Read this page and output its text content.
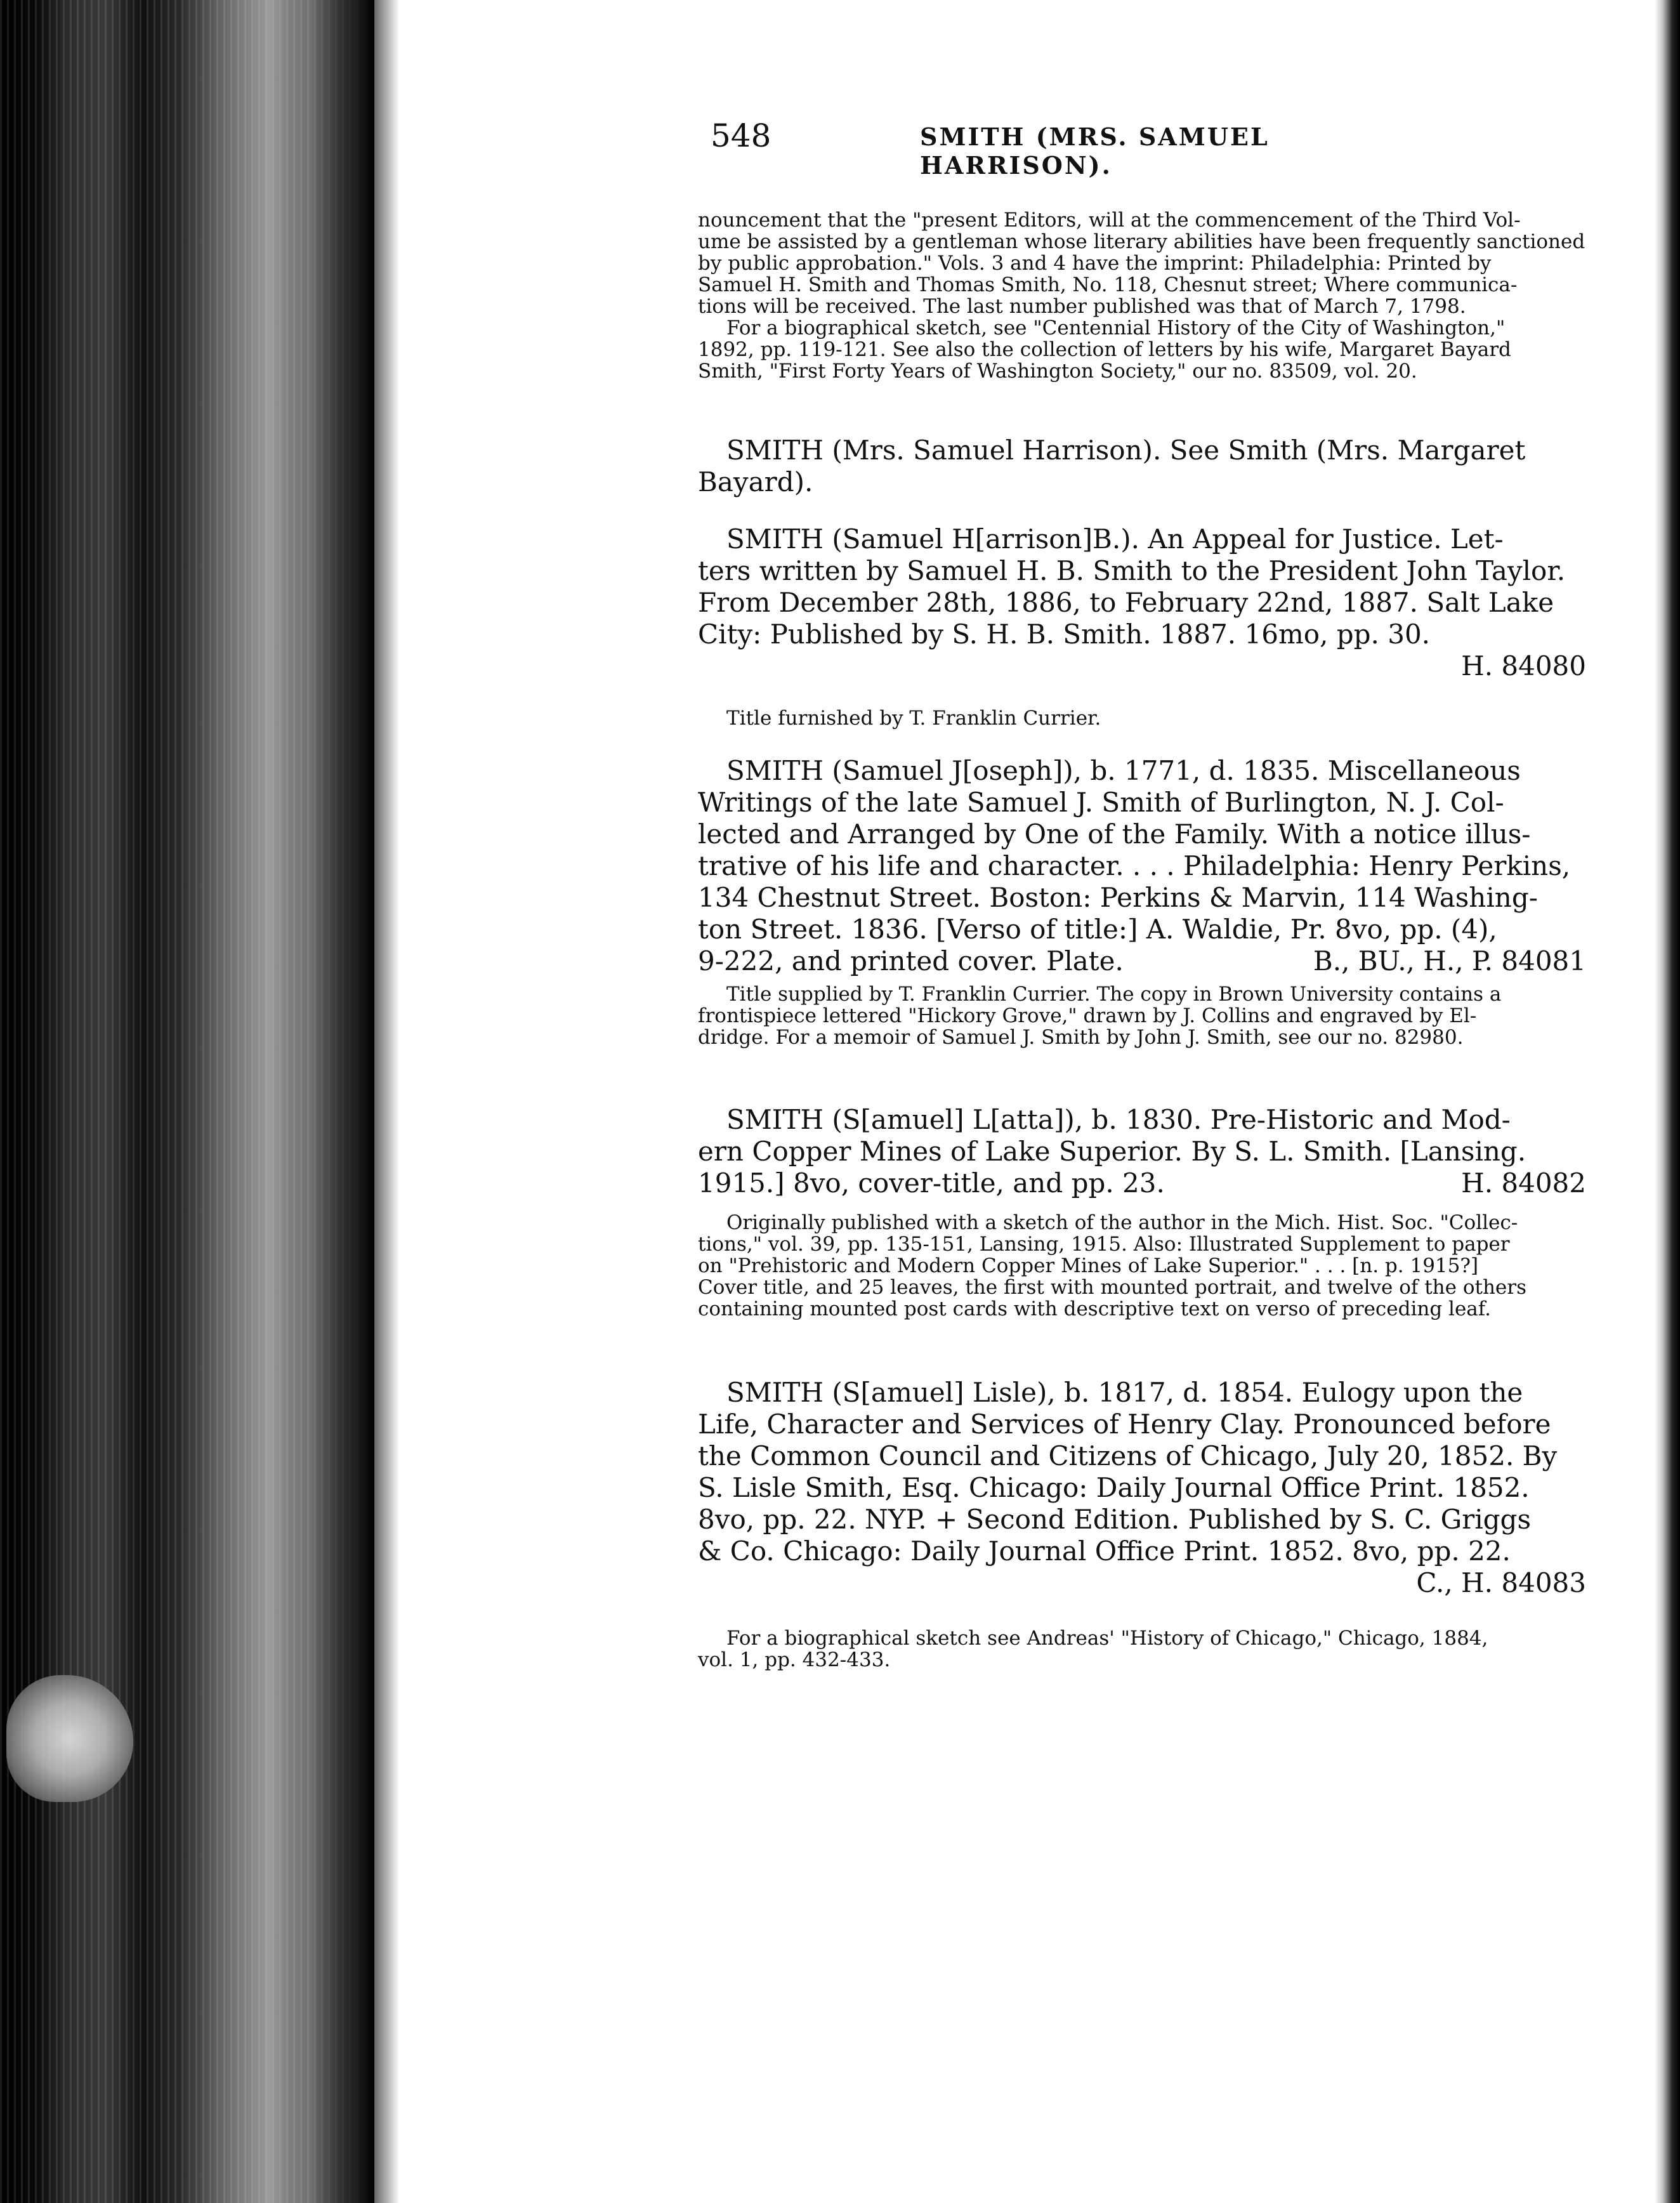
548	SMITH (MRS. SAMUEL HARRISON).
nouncement that the "present Editors, will at the commencement of the Third Vol-
ume be assisted by a gentleman whose literary abilities have been frequently sanctioned
by public approbation." Vols. 3 and 4 have the imprint: Philadelphia: Printed by
Samuel H. Smith and Thomas Smith, No. 118, Chesnut street; Where communica-
tions will be received. The last number published was that of March 7, 1798.
For a biographical sketch, see "Centennial History of the City of Washington,"
1892, pp. 119-121. See also the collection of letters by his wife, Margaret Bayard
Smith, "First Forty Years of Washington Society," our no. 83509, vol. 20.
SMITH (Mrs. Samuel Harrison). See Smith (Mrs. Margaret
Bayard).
SMITH (Samuel H[arrison]B.). An Appeal for Justice. Let-
ters written by Samuel H. B. Smith to the President John Taylor.
From December 28th, 1886, to February 22nd, 1887. Salt Lake
City: Published by S. H. B. Smith. 1887. 16mo, pp. 30.
H. 84080
Title furnished by T. Franklin Currier.
SMITH (Samuel J[oseph]), b. 1771, d. 1835. Miscellaneous
Writings of the late Samuel J. Smith of Burlington, N. J. Col-
lected and Arranged by One of the Family. With a notice illus-
trative of his life and character. . . . Philadelphia: Henry Perkins,
134 Chestnut Street. Boston: Perkins & Marvin, 114 Washing-
ton Street. 1836. [Verso of title:] A. Waldie, Pr. 8vo, pp. (4),
9-222, and printed cover. Plate.	B., BU., H., P. 84081
Title supplied by T. Franklin Currier. The copy in Brown University contains a
frontispiece lettered "Hickory Grove," drawn by J. Collins and engraved by El-
dridge. For a memoir of Samuel J. Smith by John J. Smith, see our no. 82980.
SMITH (S[amuel] L[atta]), b. 1830. Pre-Historic and Mod-
ern Copper Mines of Lake Superior. By S. L. Smith. [Lansing.
1915.] 8vo, cover-title, and pp. 23.	H. 84082
Originally published with a sketch of the author in the Mich. Hist. Soc. "Collec-
tions," vol. 39, pp. 135-151, Lansing, 1915. Also: Illustrated Supplement to paper
on "Prehistoric and Modern Copper Mines of Lake Superior." . . . [n. p. 1915?]
Cover title, and 25 leaves, the first with mounted portrait, and twelve of the others
containing mounted post cards with descriptive text on verso of preceding leaf.
SMITH (S[amuel] Lisle), b. 1817, d. 1854. Eulogy upon the
Life, Character and Services of Henry Clay. Pronounced before
the Common Council and Citizens of Chicago, July 20, 1852. By
S. Lisle Smith, Esq. Chicago: Daily Journal Office Print. 1852.
8vo, pp. 22. NYP. + Second Edition. Published by S. C. Griggs
& Co. Chicago: Daily Journal Office Print. 1852. 8vo, pp. 22.
C., H. 84083
For a biographical sketch see Andreas' "History of Chicago," Chicago, 1884,
vol. 1, pp. 432-433.
